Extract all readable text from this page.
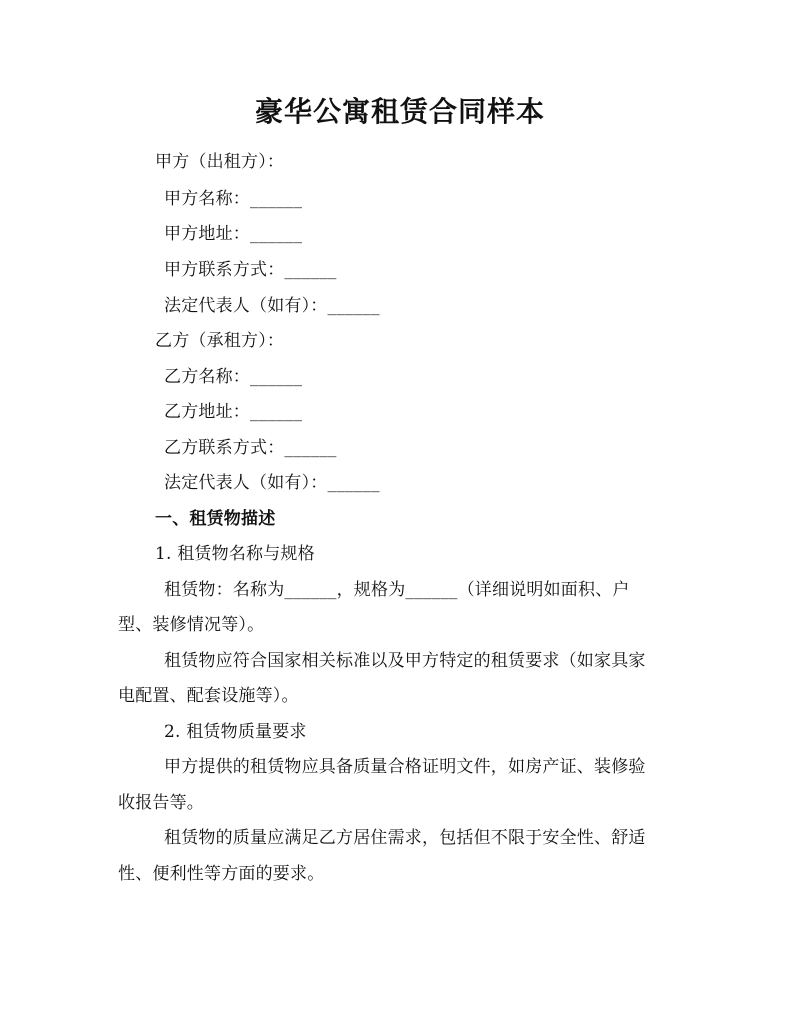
豪华公寓租赁合同样本
甲方（出租方）：
甲方名称：______
甲方地址：______
甲方联系方式：______
法定代表人（如有）：______
乙方（承租方）：
乙方名称：______
乙方地址：______
乙方联系方式：______
法定代表人（如有）：______
一、租赁物描述
1. 租赁物名称与规格
租赁物：名称为______，规格为______（详细说明如面积、户
型、装修情况等）。
租赁物应符合国家相关标准以及甲方特定的租赁要求（如家具家
电配置、配套设施等）。
2. 租赁物质量要求
甲方提供的租赁物应具备质量合格证明文件，如房产证、装修验
收报告等。
租赁物的质量应满足乙方居住需求，包括但不限于安全性、舒适
性、便利性等方面的要求。
